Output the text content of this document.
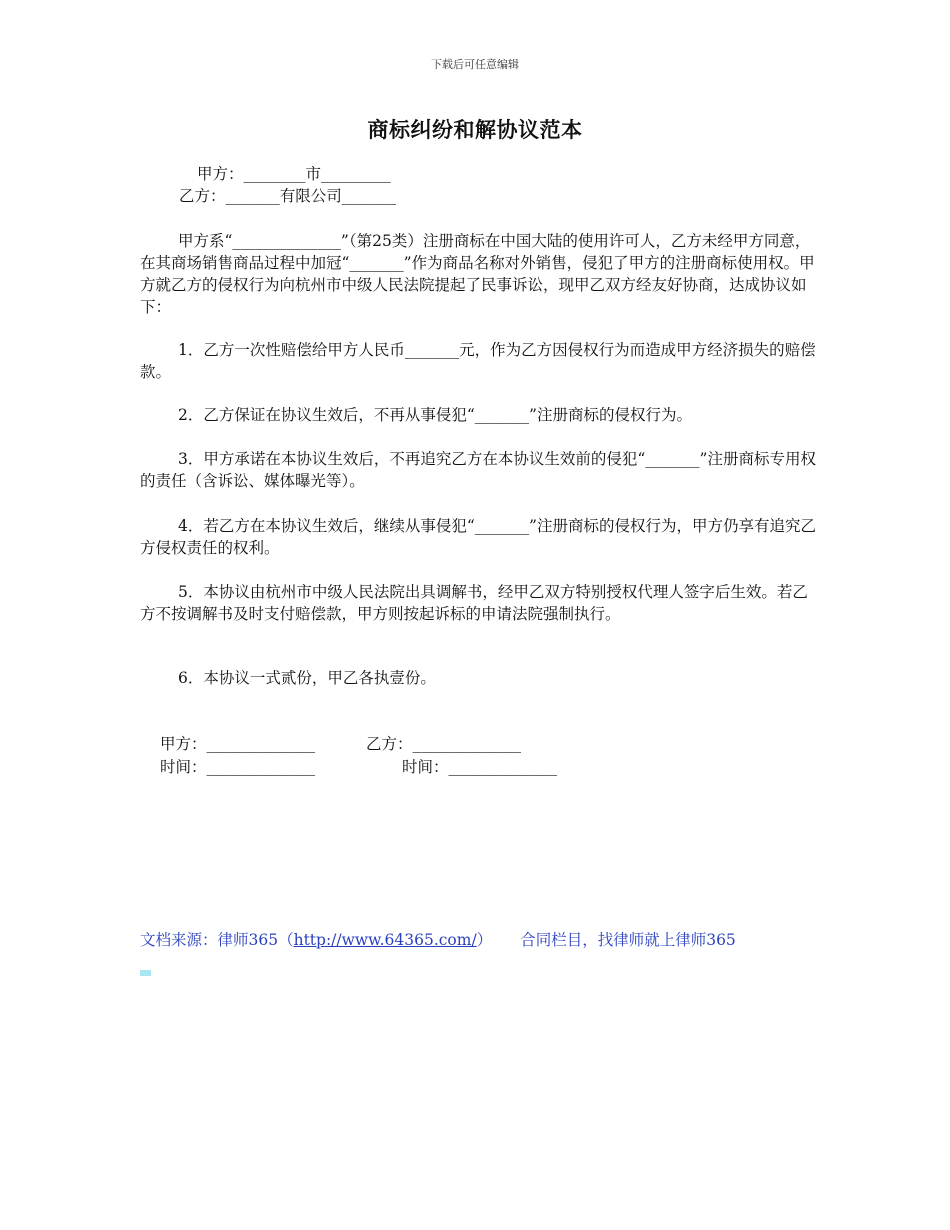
下载后可任意编辑
商标纠纷和解协议范本
甲方：________市_________
乙方：_______有限公司_______
甲方系“______________”（第25类）注册商标在中国大陆的使用许可人，乙方未经甲方同意，在其商场销售商品过程中加冠“_______”作为商品名称对外销售，侵犯了甲方的注册商标使用权。甲方就乙方的侵权行为向杭州市中级人民法院提起了民事诉讼，现甲乙双方经友好协商，达成协议如下：
1．乙方一次性赔偿给甲方人民币_______元，作为乙方因侵权行为而造成甲方经济损失的赔偿款。
2．乙方保证在协议生效后，不再从事侵犯“_______”注册商标的侵权行为。
3．甲方承诺在本协议生效后，不再追究乙方在本协议生效前的侵犯“_______”注册商标专用权的责任（含诉讼、媒体曝光等）。
4．若乙方在本协议生效后，继续从事侵犯“_______”注册商标的侵权行为，甲方仍享有追究乙方侵权责任的权利。
5．本协议由杭州市中级人民法院出具调解书，经甲乙双方特别授权代理人签字后生效。若乙方不按调解书及时支付赔偿款，甲方则按起诉标的申请法院强制执行。
6．本协议一式贰份，甲乙各执壹份。
甲方：______________	乙方：______________
时间：______________	时间：______________
文档来源：律师365（http://www.64365.com/） 合同栏目，找律师就上律师365
